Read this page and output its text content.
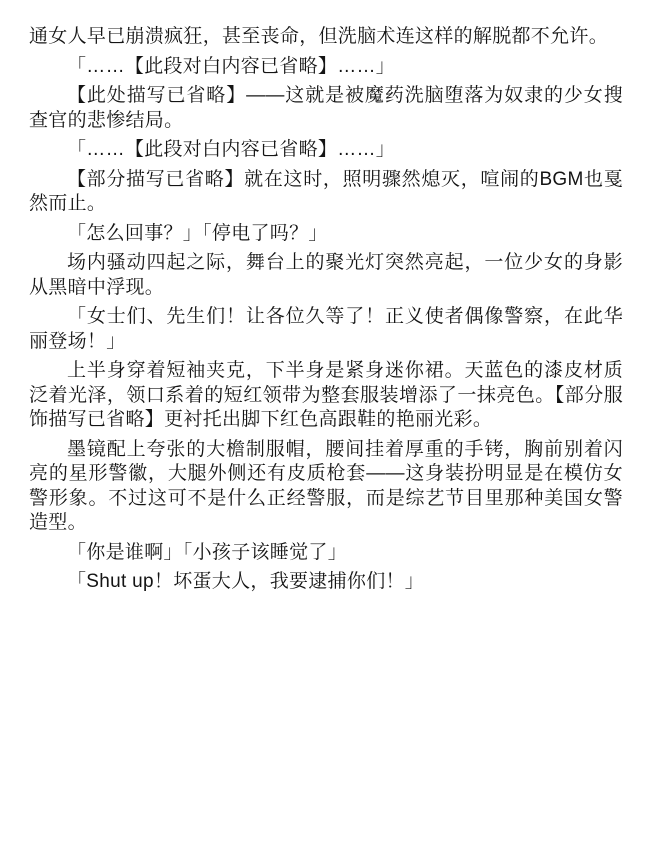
通女人早已崩溃疯狂，甚至丧命，但洗脑术连这样的解脱都不允许。

「……【此段对白内容已省略】……」

【此处描写已省略】——这就是被魔药洗脑堕落为奴隶的少女搜查官的悲惨结局。

「……【此段对白内容已省略】……」

【部分描写已省略】就在这时，照明骤然熄灭，喧闹的BGM也戛然而止。

「怎么回事？」「停电了吗？」

场内骚动四起之际，舞台上的聚光灯突然亮起，一位少女的身影从黑暗中浮现。

「女士们、先生们！让各位久等了！正义使者偶像警察，在此华丽登场！」

上半身穿着短袖夹克，下半身是紧身迷你裙。天蓝色的漆皮材质泛着光泽，领口系着的短红领带为整套服装增添了一抹亮色。【部分服饰描写已省略】更衬托出脚下红色高跟鞋的艳丽光彩。

墨镜配上夸张的大檐制服帽，腰间挂着厚重的手铐，胸前别着闪亮的星形警徽，大腿外侧还有皮质枪套——这身装扮明显是在模仿女警形象。不过这可不是什么正经警服，而是综艺节目里那种美国女警造型。

「你是谁啊」「小孩子该睡觉了」

「Shut up！坏蛋大人，我要逮捕你们！」
